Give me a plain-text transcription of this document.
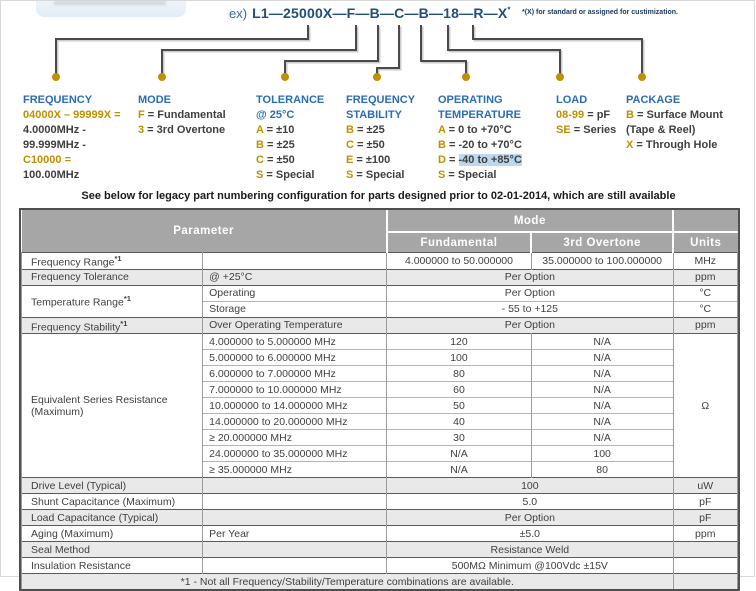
ex) L1—25000X—F—B—C—B—18—R—X* *(X) for standard or assigned for custimization.
FREQUENCY
04000X – 99999X =
4.0000MHz -
99.999MHz -
C10000 =
100.00MHz
MODE
F = Fundamental
3 = 3rd Overtone
TOLERANCE
@ 25°C
A = ±10
B = ±25
C = ±50
S = Special
FREQUENCY
STABILITY
B = ±25
C = ±50
E = ±100
S = Special
OPERATING
TEMPERATURE
A = 0 to +70°C
B = -20 to +70°C
D = -40 to +85°C
S = Special
LOAD
08-99 = pF
SE = Series
PACKAGE
B = Surface Mount
(Tape & Reel)
X = Through Hole
See below for legacy part numbering configuration for parts designed prior to 02-01-2014, which are still available
Parameter		Mode		
		Fundamental	3rd Overtone	Units
Frequency Range$^{*1}$		4.000000 to 50.000000	35.000000 to 100.000000	MHz
Frequency Tolerance	@ +25°C	Per Option		ppm
Temperature Range$^{*1}$	Operating	Per Option		°C
	Storage	- 55 to +125		°C
Frequency Stability$^{*1}$	Over Operating Temperature	Per Option		ppm
Equivalent Series Resistance (Maximum)	4.000000 to 5.000000 MHz	120	N/A	Ω
	5.000000 to 6.000000 MHz	100	N/A	
	6.000000 to 7.000000 MHz	80	N/A	
	7.000000 to 10.000000 MHz	60	N/A	
	10.000000 to 14.000000 MHz	50	N/A	
	14.000000 to 20.000000 MHz	40	N/A	
	≥ 20.000000 MHz	30	N/A	
	24.000000 to 35.000000 MHz	N/A	100	
	≥ 35.000000 MHz	N/A	80	
Drive Level (Typical)		100		uW
Shunt Capacitance (Maximum)		5.0		pF
Load Capacitance (Typical)		Per Option		pF
Aging (Maximum)	Per Year	±5.0		ppm
Seal Method		Resistance Weld		
Insulation Resistance		500MΩ Minimum @100Vdc ±15V		
*1 - Not all Frequency/Stability/Temperature combinations are available.				
